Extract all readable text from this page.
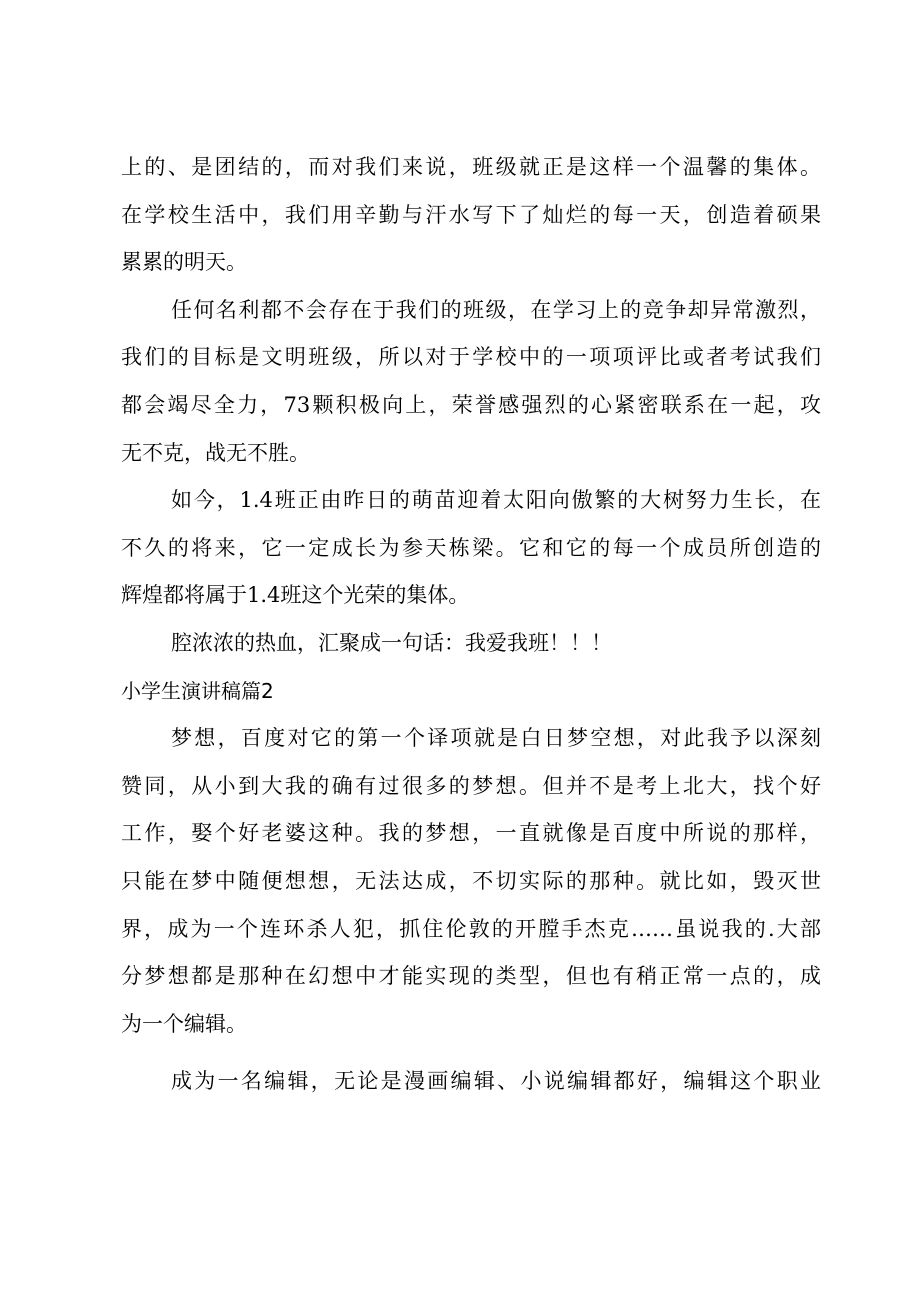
上的、是团结的，而对我们来说，班级就正是这样一个温馨的集体。
在学校生活中，我们用辛勤与汗水写下了灿烂的每一天，创造着硕果
累累的明天。
任何名利都不会存在于我们的班级，在学习上的竞争却异常激烈，
我们的目标是文明班级，所以对于学校中的一项项评比或者考试我们
都会竭尽全力，73颗积极向上，荣誉感强烈的心紧密联系在一起，攻
无不克，战无不胜。
如今，1.4班正由昨日的萌苗迎着太阳向傲繁的大树努力生长，在
不久的将来，它一定成长为参天栋梁。它和它的每一个成员所创造的
辉煌都将属于1.4班这个光荣的集体。
腔浓浓的热血，汇聚成一句话：我爱我班！！！
小学生演讲稿篇2
梦想，百度对它的第一个译项就是白日梦空想，对此我予以深刻
赞同，从小到大我的确有过很多的梦想。但并不是考上北大，找个好
工作，娶个好老婆这种。我的梦想，一直就像是百度中所说的那样，
只能在梦中随便想想，无法达成，不切实际的那种。就比如，毁灭世
界，成为一个连环杀人犯，抓住伦敦的开膛手杰克……虽说我的.大部
分梦想都是那种在幻想中才能实现的类型，但也有稍正常一点的，成
为一个编辑。
成为一名编辑，无论是漫画编辑、小说编辑都好，编辑这个职业
